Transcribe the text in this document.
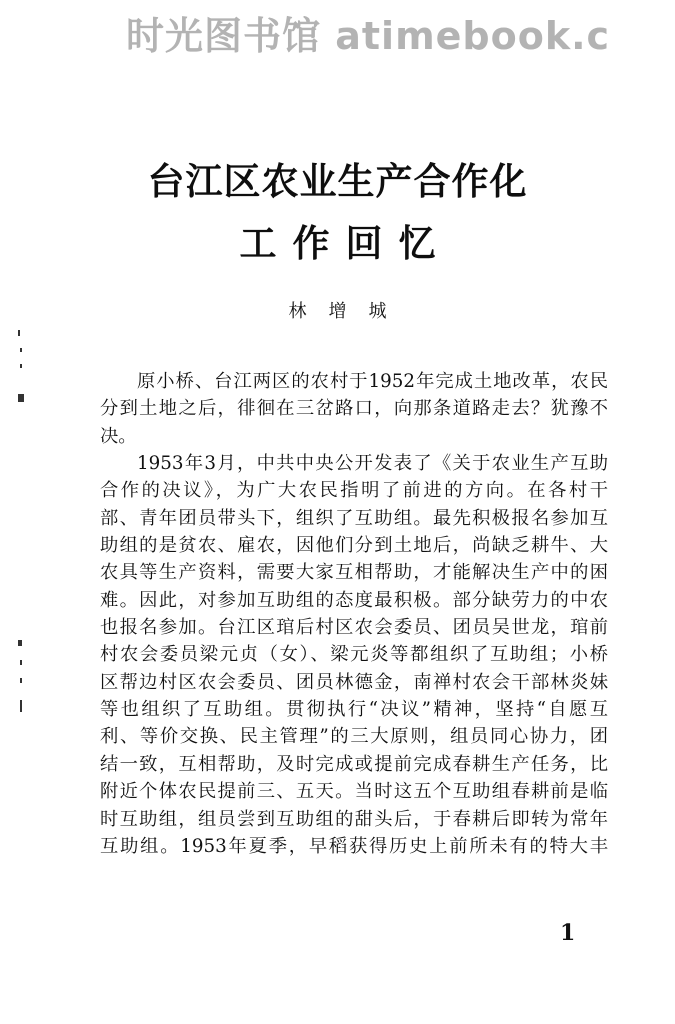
时光图书馆 atimebook.c
台江区农业生产合作化
工作回忆
林增城
原小桥、台江两区的农村于1952年完成土地改革，农民
分到土地之后，徘徊在三岔路口，向那条道路走去？犹豫不
决。
1953年3月，中共中央公开发表了《关于农业生产互助
合作的决议》，为广大农民指明了前进的方向。在各村干
部、青年团员带头下，组织了互助组。最先积极报名参加互
助组的是贫农、雇农，因他们分到土地后，尚缺乏耕牛、大
农具等生产资料，需要大家互相帮助，才能解决生产中的困
难。因此，对参加互助组的态度最积极。部分缺劳力的中农
也报名参加。台江区琯后村区农会委员、团员吴世龙，琯前
村农会委员梁元贞（女）、梁元炎等都组织了互助组；小桥
区帮边村区农会委员、团员林德金，南禅村农会干部林炎妹
等也组织了互助组。贯彻执行“决议”精神，坚持“自愿互
利、等价交换、民主管理”的三大原则，组员同心协力，团
结一致，互相帮助，及时完成或提前完成春耕生产任务，比
附近个体农民提前三、五天。当时这五个互助组春耕前是临
时互助组，组员尝到互助组的甜头后，于春耕后即转为常年
互助组。1953年夏季，早稻获得历史上前所未有的特大丰
1
